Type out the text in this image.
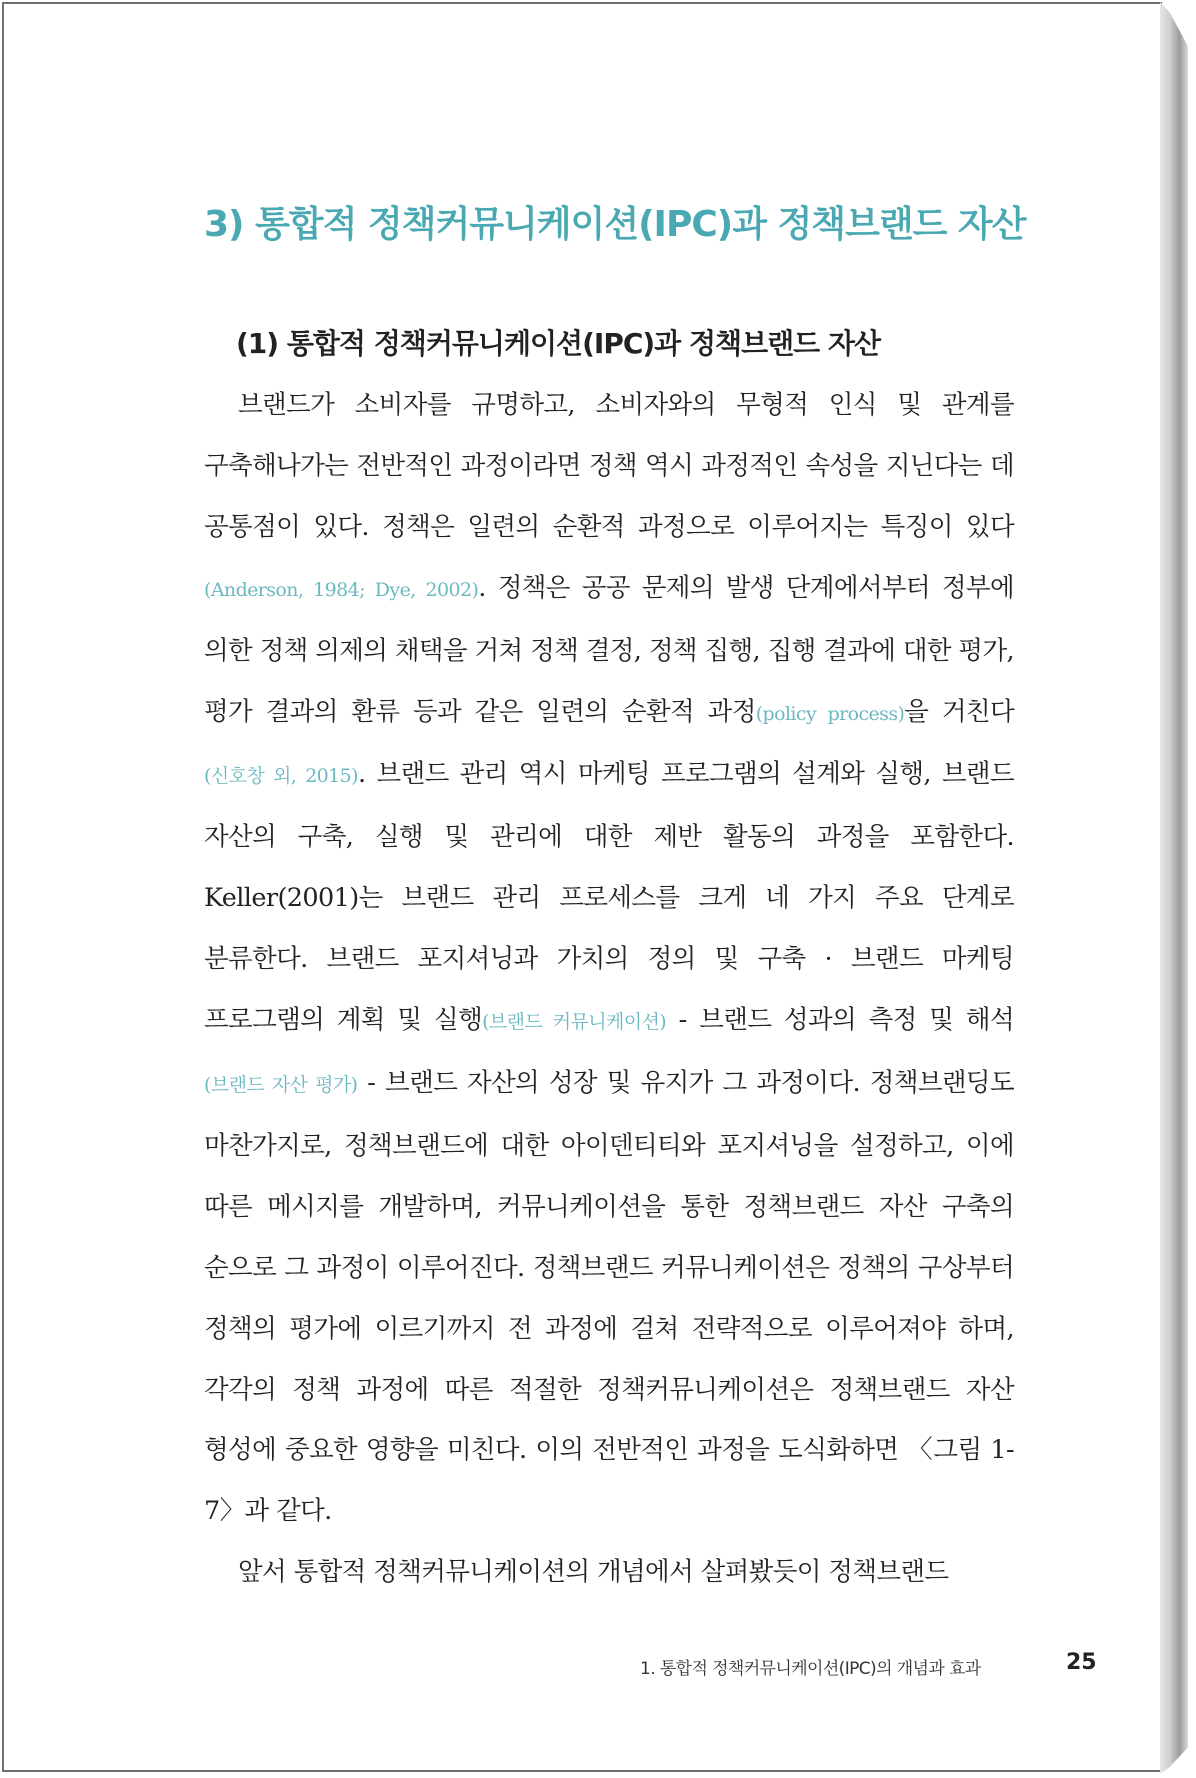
3) 통합적 정책커뮤니케이션(IPC)과 정책브랜드 자산
(1) 통합적 정책커뮤니케이션(IPC)과 정책브랜드 자산

브랜드가 소비자를 규명하고, 소비자와의 무형적 인식 및 관계를 구축해나가는 전반적인 과정이라면 정책 역시 과정적인 속성을 지닌다는 데 공통점이 있다. 정책은 일련의 순환적 과정으로 이루어지는 특징이 있다(Anderson, 1984; Dye, 2002). 정책은 공공 문제의 발생 단계에서부터 정부에 의한 정책 의제의 채택을 거쳐 정책 결정, 정책 집행, 집행 결과에 대한 평가, 평가 결과의 환류 등과 같은 일련의 순환적 과정(policy process)을 거친다(신호창 외, 2015). 브랜드 관리 역시 마케팅 프로그램의 설계와 실행, 브랜드 자산의 구축, 실행 및 관리에 대한 제반 활동의 과정을 포함한다. Keller(2001)는 브랜드 관리 프로세스를 크게 네 가지 주요 단계로 분류한다. 브랜드 포지셔닝과 가치의 정의 및 구축 · 브랜드 마케팅 프로그램의 계획 및 실행(브랜드 커뮤니케이션) - 브랜드 성과의 측정 및 해석(브랜드 자산 평가) - 브랜드 자산의 성장 및 유지가 그 과정이다. 정책브랜딩도 마찬가지로, 정책브랜드에 대한 아이덴티티와 포지셔닝을 설정하고, 이에 따른 메시지를 개발하며, 커뮤니케이션을 통한 정책브랜드 자산 구축의 순으로 그 과정이 이루어진다. 정책브랜드 커뮤니케이션은 정책의 구상부터 정책의 평가에 이르기까지 전 과정에 걸쳐 전략적으로 이루어져야 하며, 각각의 정책 과정에 따른 적절한 정책커뮤니케이션은 정책브랜드 자산 형성에 중요한 영향을 미친다. 이의 전반적인 과정을 도식화하면 〈그림 1-7〉과 같다.

앞서 통합적 정책커뮤니케이션의 개념에서 살펴봤듯이 정책브랜드

1. 통합적 정책커뮤니케이션(IPC)의 개념과 효과	25
